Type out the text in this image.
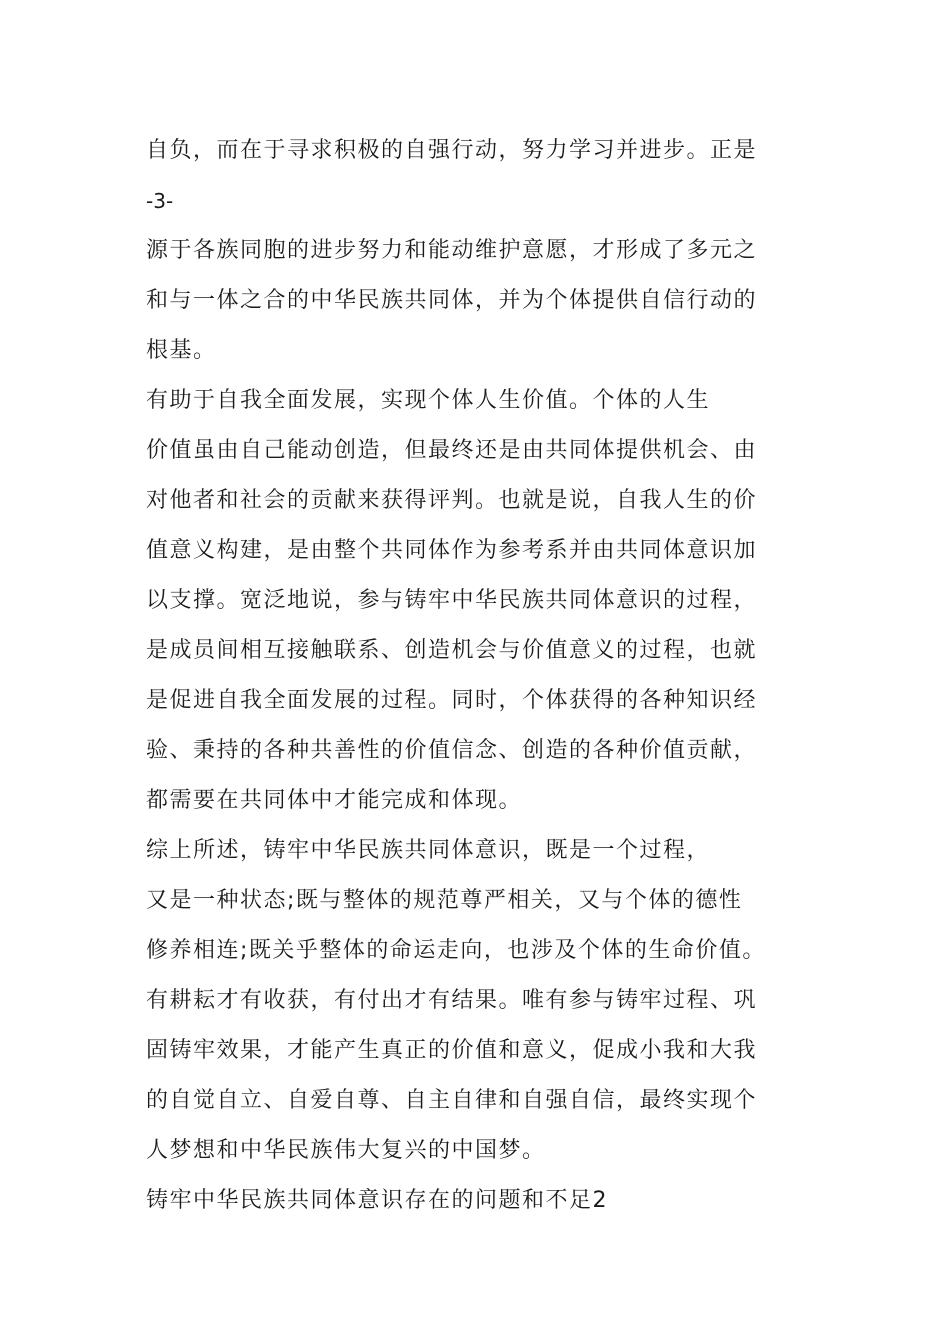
自负，而在于寻求积极的自强行动，努力学习并进步。正是
-3-
源于各族同胞的进步努力和能动维护意愿，才形成了多元之
和与一体之合的中华民族共同体，并为个体提供自信行动的
根基。
有助于自我全面发展，实现个体人生价值。个体的人生
价值虽由自己能动创造，但最终还是由共同体提供机会、由
对他者和社会的贡献来获得评判。也就是说，自我人生的价
值意义构建，是由整个共同体作为参考系并由共同体意识加
以支撑。宽泛地说，参与铸牢中华民族共同体意识的过程，
是成员间相互接触联系、创造机会与价值意义的过程，也就
是促进自我全面发展的过程。同时，个体获得的各种知识经
验、秉持的各种共善性的价值信念、创造的各种价值贡献，
都需要在共同体中才能完成和体现。
综上所述，铸牢中华民族共同体意识，既是一个过程，
又是一种状态;既与整体的规范尊严相关，又与个体的德性
修养相连;既关乎整体的命运走向，也涉及个体的生命价值。
有耕耘才有收获，有付出才有结果。唯有参与铸牢过程、巩
固铸牢效果，才能产生真正的价值和意义，促成小我和大我
的自觉自立、自爱自尊、自主自律和自强自信，最终实现个
人梦想和中华民族伟大复兴的中国梦。
铸牢中华民族共同体意识存在的问题和不足2
